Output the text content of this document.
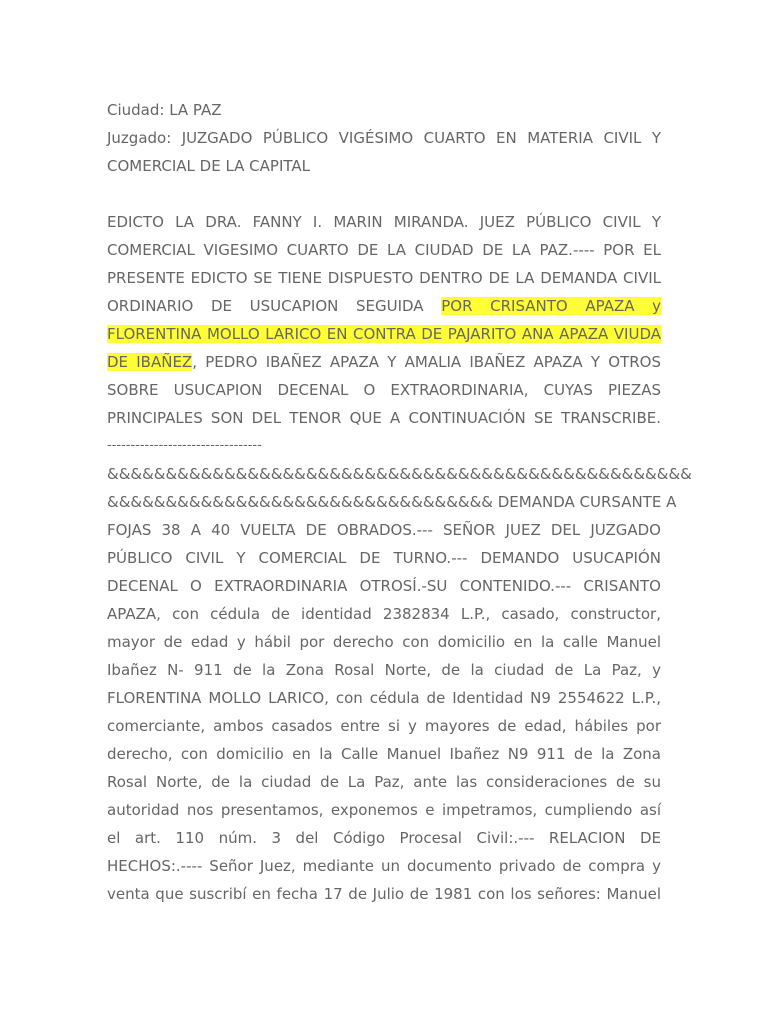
Ciudad: LA PAZ
Juzgado: JUZGADO PÚBLICO VIGÉSIMO CUARTO EN MATERIA CIVIL Y
COMERCIAL DE LA CAPITAL
EDICTO LA DRA. FANNY I. MARIN MIRANDA. JUEZ PÚBLICO CIVIL Y
COMERCIAL VIGESIMO CUARTO DE LA CIUDAD DE LA PAZ.---- POR EL
PRESENTE EDICTO SE TIENE DISPUESTO DENTRO DE LA DEMANDA CIVIL
ORDINARIO DE USUCAPION SEGUIDA POR CRISANTO APAZA y
FLORENTINA MOLLO LARICO EN CONTRA DE PAJARITO ANA APAZA VIUDA
DE IBAÑEZ, PEDRO IBAÑEZ APAZA Y AMALIA IBAÑEZ APAZA Y OTROS
SOBRE USUCAPION DECENAL O EXTRAORDINARIA, CUYAS PIEZAS
PRINCIPALES SON DEL TENOR QUE A CONTINUACIÓN SE TRANSCRIBE.
---------------------------------
&&&&&&&&&&&&&&&&&&&&&&&&&&&&&&&&&&&&&&&&&&&&&&&&&&
&&&&&&&&&&&&&&&&&&&&&&&&&&&&&&&&& DEMANDA CURSANTE A
FOJAS 38 A 40 VUELTA DE OBRADOS.--- SEÑOR JUEZ DEL JUZGADO
PÚBLICO CIVIL Y COMERCIAL DE TURNO.--- DEMANDO USUCAPIÓN
DECENAL O EXTRAORDINARIA OTROSÍ.-SU CONTENIDO.--- CRISANTO
APAZA, con cédula de identidad 2382834 L.P., casado, constructor,
mayor de edad y hábil por derecho con domicilio en la calle Manuel
Ibañez N- 911 de la Zona Rosal Norte, de la ciudad de La Paz, y
FLORENTINA MOLLO LARICO, con cédula de Identidad N9 2554622 L.P.,
comerciante, ambos casados entre si y mayores de edad, hábiles por
derecho, con domicilio en la Calle Manuel Ibañez N9 911 de la Zona
Rosal Norte, de la ciudad de La Paz, ante las consideraciones de su
autoridad nos presentamos, exponemos e impetramos, cumpliendo así
el art. 110 núm. 3 del Código Procesal Civil:.--- RELACION DE
HECHOS:.---- Señor Juez, mediante un documento privado de compra y
venta que suscribí en fecha 17 de Julio de 1981 con los señores: Manuel
